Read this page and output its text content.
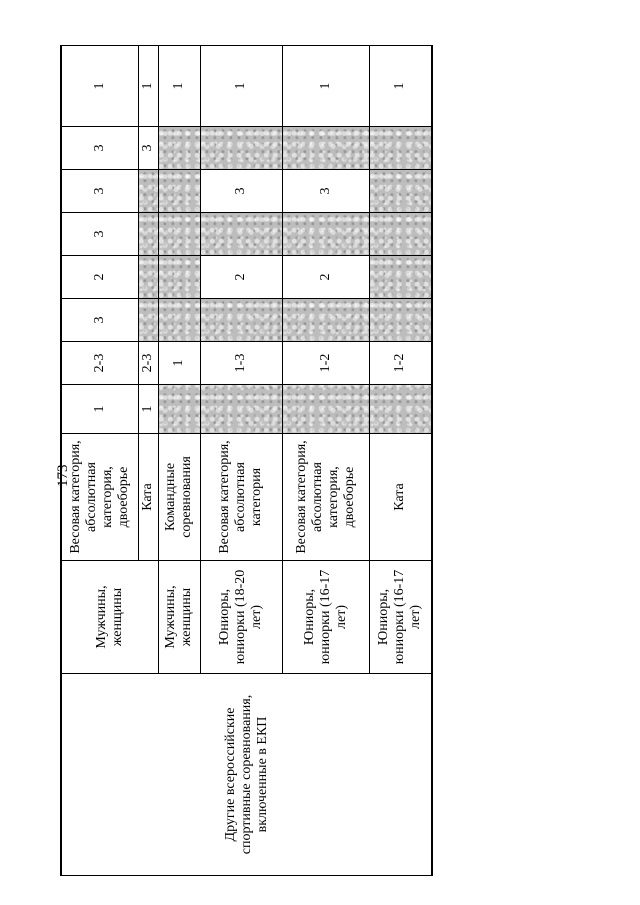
173
Другие всероссийские спортивные соревнования, включенные в ЕКП	Мужчины, женщины	Весовая категория, абсолютная категория, двоеборье	1	2-3	3	2	3	3	3	1
		Ката	1	2-3					3	1
	Мужчины, женщины	Командные соревнования		1						1
	Юниоры, юниорки (18-20 лет)	Весовая категория, абсолютная категория		1-3		2		3		1
	Юниоры, юниорки (16-17 лет)	Весовая категория, абсолютная категория, двоеборье		1-2		2		3		1
	Юниоры, юниорки (16-17 лет)	Ката		1-2						1
